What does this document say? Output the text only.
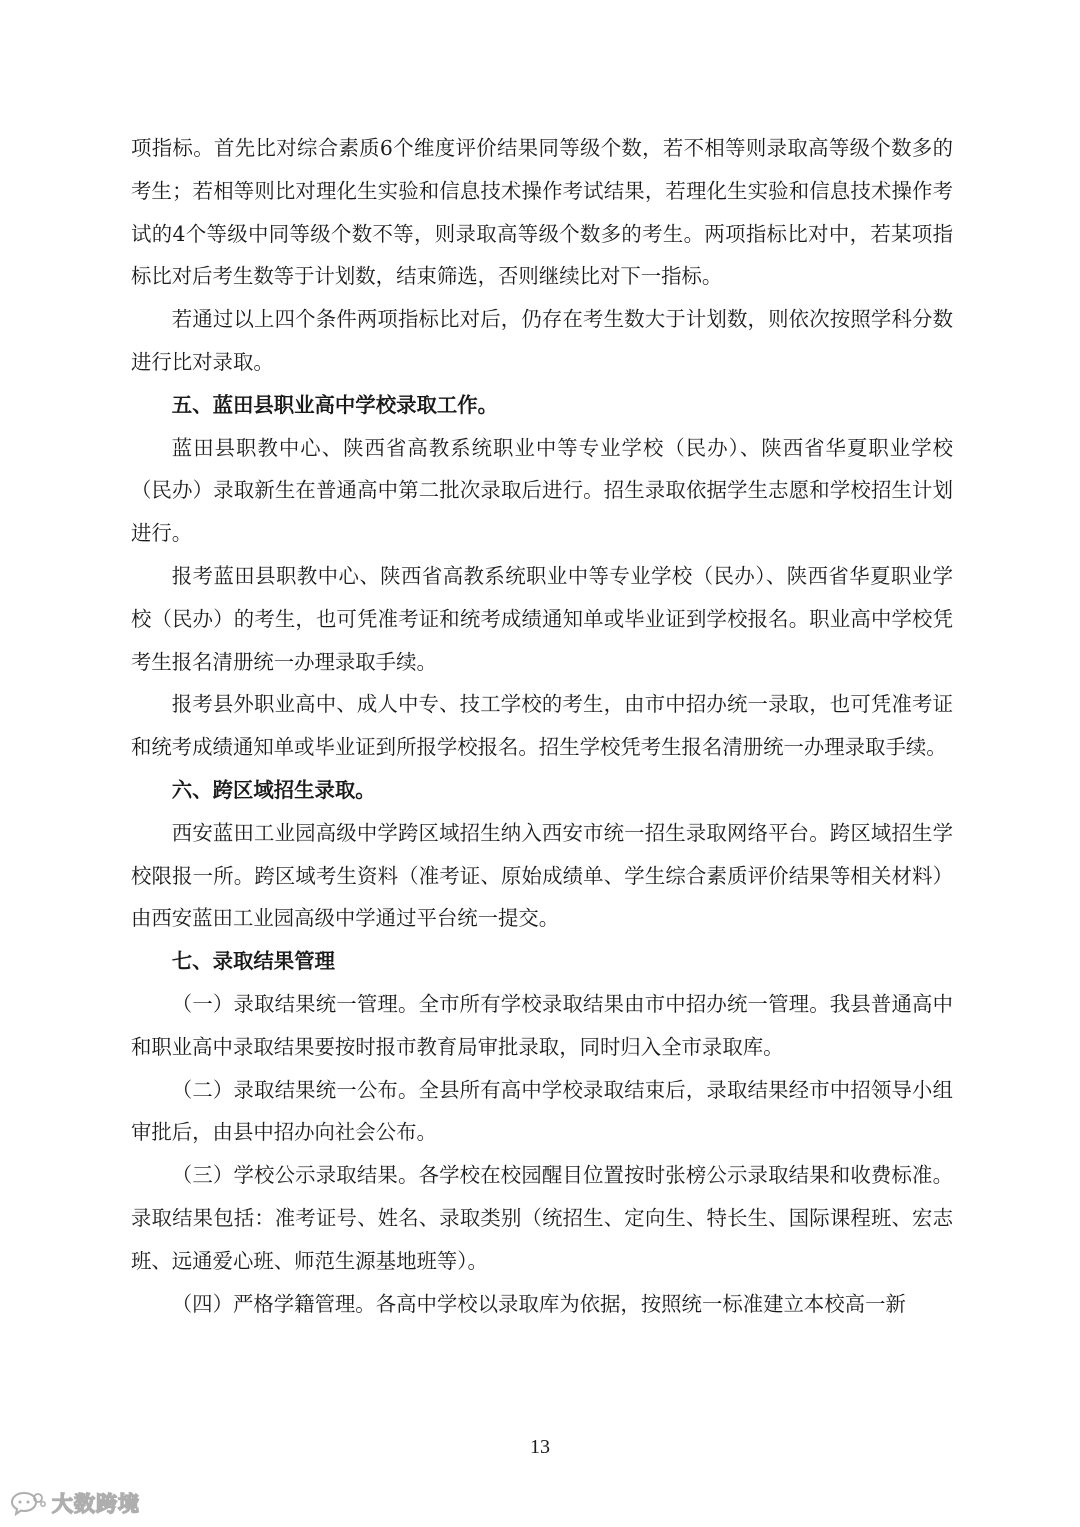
项指标。首先比对综合素质6个维度评价结果同等级个数，若不相等则录取高等级个数多的考生；若相等则比对理化生实验和信息技术操作考试结果，若理化生实验和信息技术操作考试的4个等级中同等级个数不等，则录取高等级个数多的考生。两项指标比对中，若某项指标比对后考生数等于计划数，结束筛选，否则继续比对下一指标。

若通过以上四个条件两项指标比对后，仍存在考生数大于计划数，则依次按照学科分数进行比对录取。

五、蓝田县职业高中学校录取工作。

蓝田县职教中心、陕西省高教系统职业中等专业学校（民办）、陕西省华夏职业学校（民办）录取新生在普通高中第二批次录取后进行。招生录取依据学生志愿和学校招生计划进行。

报考蓝田县职教中心、陕西省高教系统职业中等专业学校（民办）、陕西省华夏职业学校（民办）的考生，也可凭准考证和统考成绩通知单或毕业证到学校报名。职业高中学校凭考生报名清册统一办理录取手续。

报考县外职业高中、成人中专、技工学校的考生，由市中招办统一录取，也可凭准考证和统考成绩通知单或毕业证到所报学校报名。招生学校凭考生报名清册统一办理录取手续。

六、跨区域招生录取。

西安蓝田工业园高级中学跨区域招生纳入西安市统一招生录取网络平台。跨区域招生学校限报一所。跨区域考生资料（准考证、原始成绩单、学生综合素质评价结果等相关材料）由西安蓝田工业园高级中学通过平台统一提交。

七、录取结果管理

（一）录取结果统一管理。全市所有学校录取结果由市中招办统一管理。我县普通高中和职业高中录取结果要按时报市教育局审批录取，同时归入全市录取库。

（二）录取结果统一公布。全县所有高中学校录取结束后，录取结果经市中招领导小组审批后，由县中招办向社会公布。

（三）学校公示录取结果。各学校在校园醒目位置按时张榜公示录取结果和收费标准。录取结果包括：准考证号、姓名、录取类别（统招生、定向生、特长生、国际课程班、宏志班、远通爱心班、师范生源基地班等）。

（四）严格学籍管理。各高中学校以录取库为依据，按照统一标准建立本校高一新

13
大数跨境
